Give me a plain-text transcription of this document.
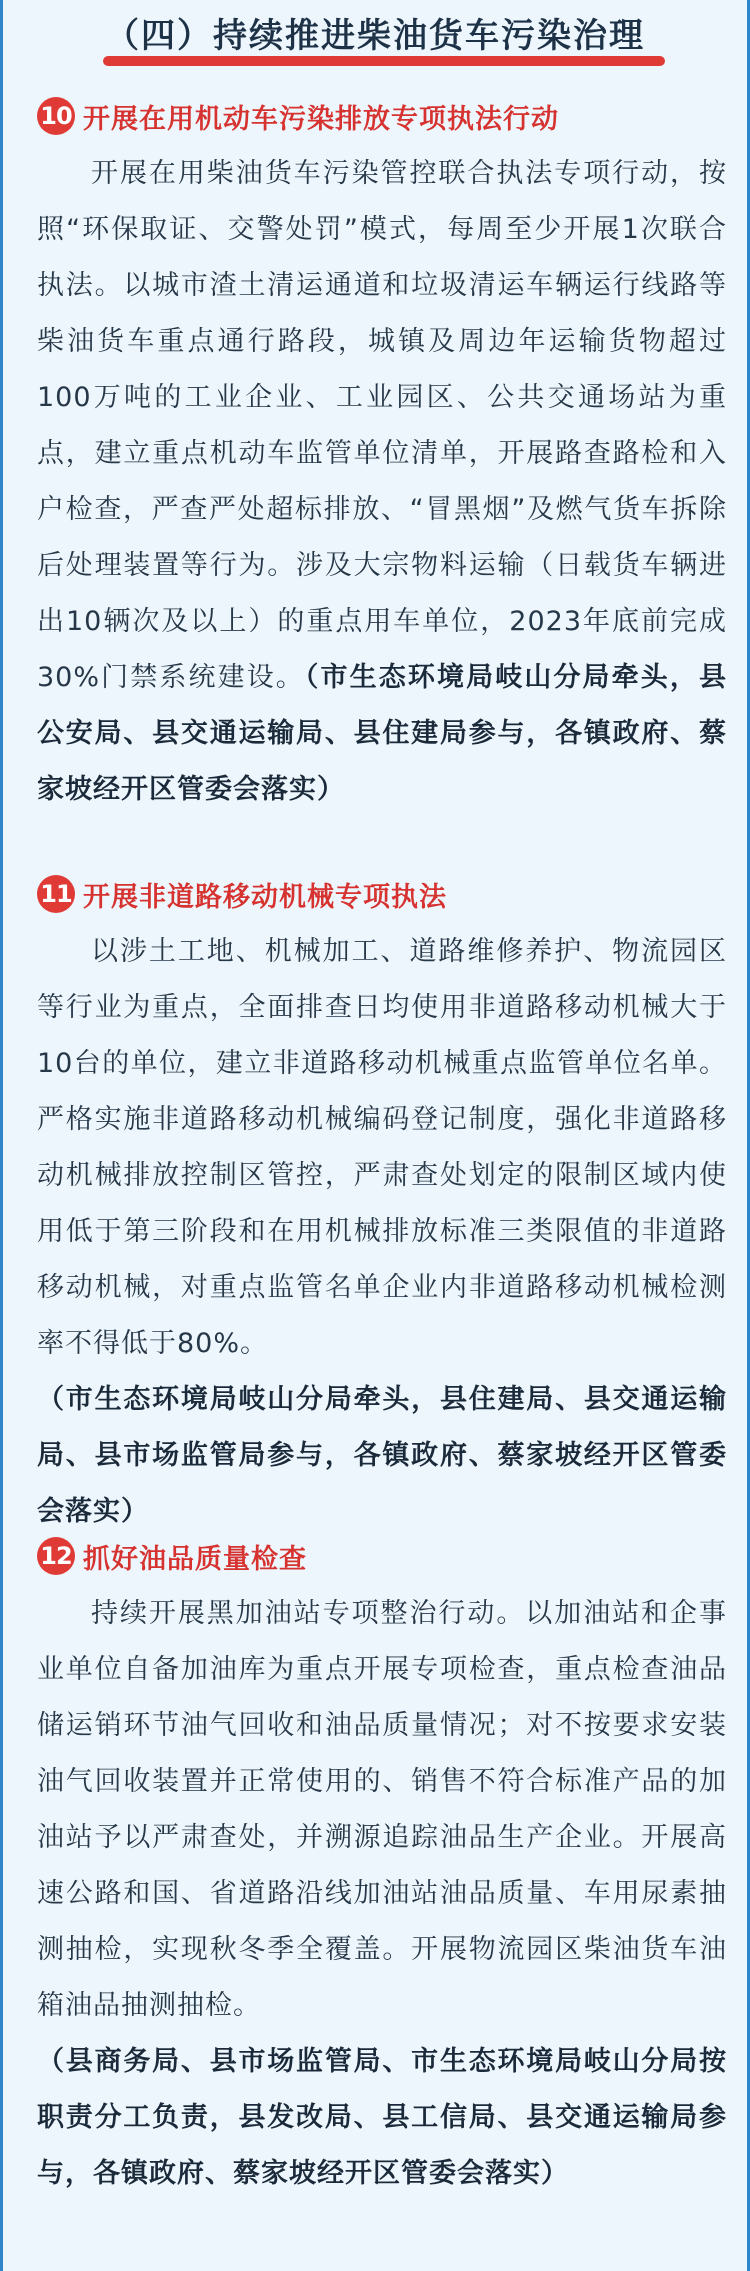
（四）持续推进柴油货车污染治理
10 开展在用机动车污染排放专项执法行动
开展在用柴油货车污染管控联合执法专项行动，按照“环保取证、交警处罚”模式，每周至少开展1次联合执法。以城市渣土清运通道和垃圾清运车辆运行线路等柴油货车重点通行路段，城镇及周边年运输货物超过100万吨的工业企业、工业园区、公共交通场站为重点，建立重点机动车监管单位清单，开展路查路检和入户检查，严查严处超标排放、“冒黑烟”及燃气货车拆除后处理装置等行为。涉及大宗物料运输（日载货车辆进出10辆次及以上）的重点用车单位，2023年底前完成30%门禁系统建设。（市生态环境局岐山分局牵头，县公安局、县交通运输局、县住建局参与，各镇政府、蔡家坡经开区管委会落实）
11 开展非道路移动机械专项执法
以涉土工地、机械加工、道路维修养护、物流园区等行业为重点，全面排查日均使用非道路移动机械大于10台的单位，建立非道路移动机械重点监管单位名单。严格实施非道路移动机械编码登记制度，强化非道路移动机械排放控制区管控，严肃查处划定的限制区域内使用低于第三阶段和在用机械排放标准三类限值的非道路移动机械，对重点监管名单企业内非道路移动机械检测率不得低于80%。
（市生态环境局岐山分局牵头，县住建局、县交通运输局、县市场监管局参与，各镇政府、蔡家坡经开区管委会落实）
12 抓好油品质量检查
持续开展黑加油站专项整治行动。以加油站和企事业单位自备加油库为重点开展专项检查，重点检查油品储运销环节油气回收和油品质量情况；对不按要求安装油气回收装置并正常使用的、销售不符合标准产品的加油站予以严肃查处，并溯源追踪油品生产企业。开展高速公路和国、省道路沿线加油站油品质量、车用尿素抽测抽检，实现秋冬季全覆盖。开展物流园区柴油货车油箱油品抽测抽检。
（县商务局、县市场监管局、市生态环境局岐山分局按职责分工负责，县发改局、县工信局、县交通运输局参与，各镇政府、蔡家坡经开区管委会落实）
